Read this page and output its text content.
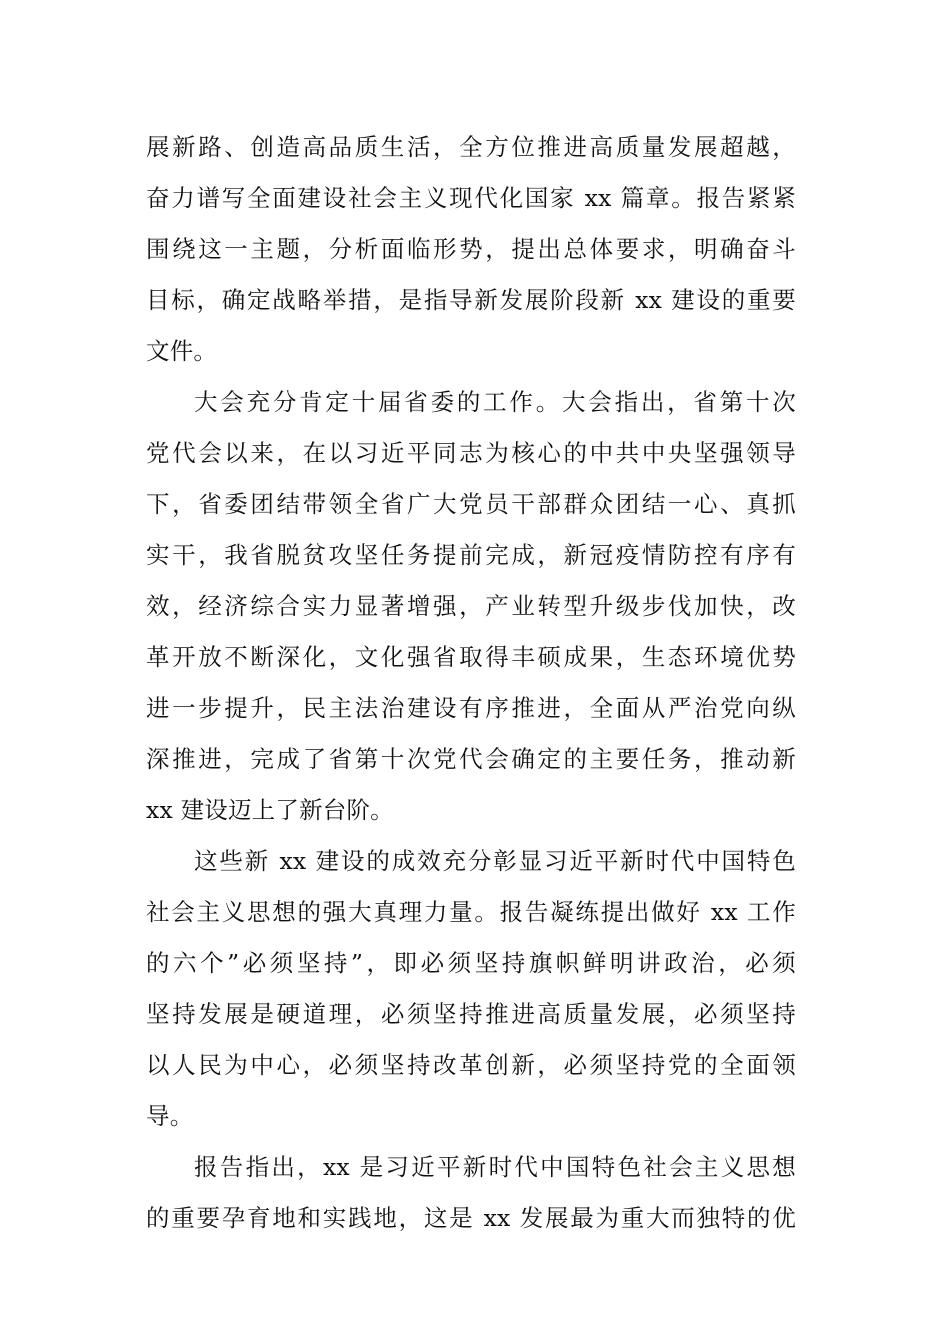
展新路、创造高品质生活，全方位推进高质量发展超越，
奋力谱写全面建设社会主义现代化国家 xx 篇章。报告紧紧
围绕这一主题，分析面临形势，提出总体要求，明确奋斗
目标，确定战略举措，是指导新发展阶段新 xx 建设的重要
文件。
大会充分肯定十届省委的工作。大会指出，省第十次
党代会以来，在以习近平同志为核心的中共中央坚强领导
下，省委团结带领全省广大党员干部群众团结一心、真抓
实干，我省脱贫攻坚任务提前完成，新冠疫情防控有序有
效，经济综合实力显著增强，产业转型升级步伐加快，改
革开放不断深化，文化强省取得丰硕成果，生态环境优势
进一步提升，民主法治建设有序推进，全面从严治党向纵
深推进，完成了省第十次党代会确定的主要任务，推动新
xx 建设迈上了新台阶。
这些新 xx 建设的成效充分彰显习近平新时代中国特色
社会主义思想的强大真理力量。报告凝练提出做好 xx 工作
的六个”必须坚持”，即必须坚持旗帜鲜明讲政治，必须
坚持发展是硬道理，必须坚持推进高质量发展，必须坚持
以人民为中心，必须坚持改革创新，必须坚持党的全面领
导。
报告指出，xx 是习近平新时代中国特色社会主义思想
的重要孕育地和实践地，这是 xx 发展最为重大而独特的优
